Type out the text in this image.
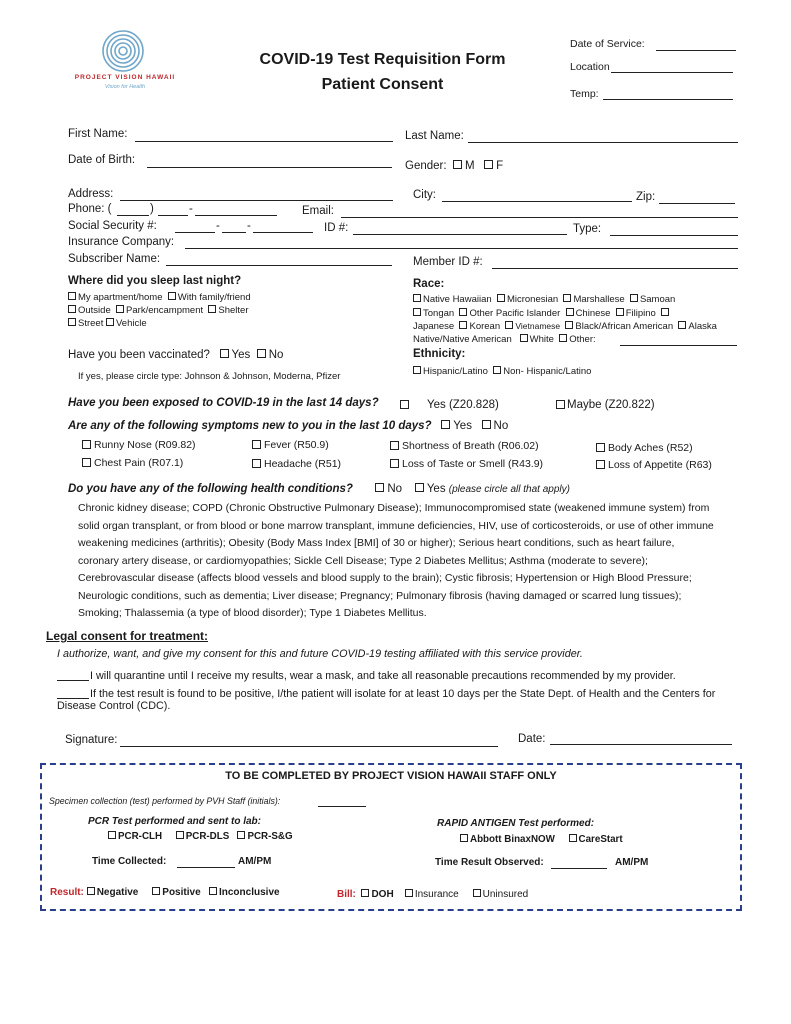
PROJECT VISION HAWAII
Vision for Health
COVID-19 Test Requisition Form
Patient Consent
Date of Service:
Location
Temp:
First Name:	Last Name:
Date of Birth:	Gender: M F
Address:	City:	Zip:
Phone: (	)	-	Email:
Social Security #:	- -	ID #:	Type:
Insurance Company:
Subscriber Name:	Member ID #:
Where did you sleep last night?
My apartment/home With family/friend
Outside Park/encampment Shelter
Street Vehicle
Race:
Native Hawaiian Micronesian Marshallese Samoan
Tongan Other Pacific Islander Chinese Filipino
Japanese Korean Vietnamese Black/African American Alaska
Native/Native American White Other:
Ethnicity:
Hispanic/Latino Non- Hispanic/Latino
Have you been vaccinated? Yes No
If yes, please circle type: Johnson & Johnson, Moderna, Pfizer
Have you been exposed to COVID-19 in the last 14 days?
	Yes (Z20.828)	Maybe (Z20.822)
Are any of the following symptoms new to you in the last 10 days? Yes No
Runny Nose (R09.82)	Fever (R50.9)	Shortness of Breath (R06.02)	Body Aches (R52)
Chest Pain (R07.1)	Headache (R51)	Loss of Taste or Smell (R43.9)	Loss of Appetite (R63)
Do you have any of the following health conditions?	No Yes (please circle all that apply)
Chronic kidney disease; COPD (Chronic Obstructive Pulmonary Disease); Immunocompromised state (weakened immune system) from solid organ transplant, or from blood or bone marrow transplant, immune deficiencies, HIV, use of corticosteroids, or use of other immune weakening medicines (arthritis); Obesity (Body Mass Index [BMI] of 30 or higher); Serious heart conditions, such as heart failure, coronary artery disease, or cardiomyopathies; Sickle Cell Disease; Type 2 Diabetes Mellitus; Asthma (moderate to severe); Cerebrovascular disease (affects blood vessels and blood supply to the brain); Cystic fibrosis; Hypertension or High Blood Pressure; Neurologic conditions, such as dementia; Liver disease; Pregnancy; Pulmonary fibrosis (having damaged or scarred lung tissues); Smoking; Thalassemia (a type of blood disorder); Type 1 Diabetes Mellitus.
Legal consent for treatment:
I authorize, want, and give my consent for this and future COVID-19 testing affiliated with this service provider.
I will quarantine until I receive my results, wear a mask, and take all reasonable precautions recommended by my provider.
If the test result is found to be positive, I/the patient will isolate for at least 10 days per the State Dept. of Health and the Centers for Disease Control (CDC).
Signature:	Date:
TO BE COMPLETED BY PROJECT VISION HAWAII STAFF ONLY
Specimen collection (test) performed by PVH Staff (initials):
PCR Test performed and sent to lab:
PCR-CLH PCR-DLS PCR-S&G
RAPID ANTIGEN Test performed:
Abbott BinaxNOW CareStart
Time Collected:	AM/PM	Time Result Observed:	AM/PM
Result: Negative Positive Inconclusive	Bill: DOH Insurance Uninsured
